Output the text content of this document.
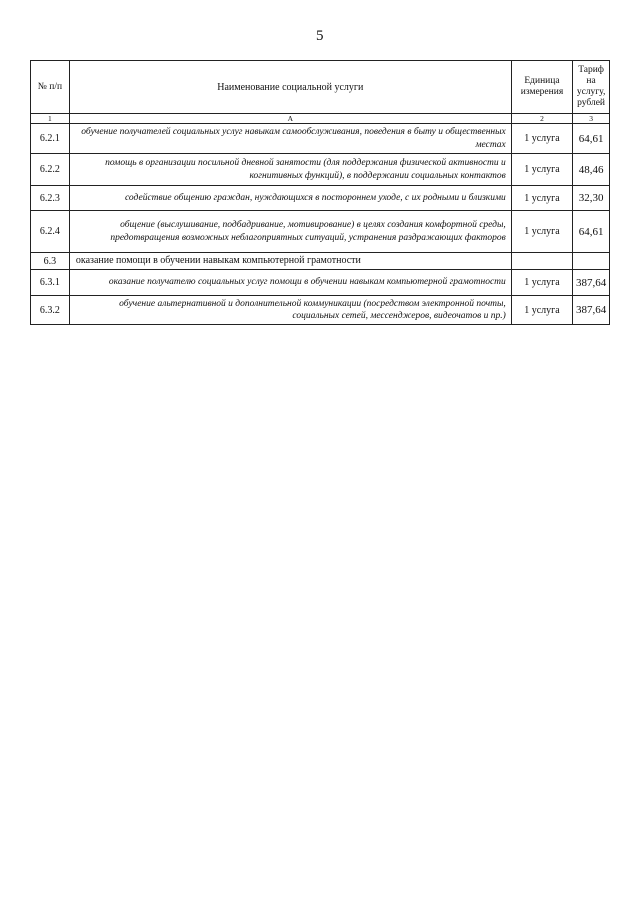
5
№ п/п	Наименование социальной услуги	Единица измерения	Тариф на услугу, рублей
1	А	2	3
6.2.1	обучение получателей социальных услуг навыкам самообслуживания, поведения в быту и общественных местах	1 услуга	64,61
6.2.2	помощь в организации посильной дневной занятости (для поддержания физической активности и когнитивных функций), в поддержании социальных контактов	1 услуга	48,46
6.2.3	содействие общению граждан, нуждающихся в постороннем уходе, с их родными и близкими	1 услуга	32,30
6.2.4	общение (выслушивание, подбадривание, мотивирование) в целях создания комфортной среды, предотвращения возможных неблагоприятных ситуаций, устранения раздражающих факторов	1 услуга	64,61
6.3	оказание помощи в обучении навыкам компьютерной грамотности		
6.3.1	оказание получателю социальных услуг помощи в обучении навыкам компьютерной грамотности	1 услуга	387,64
6.3.2	обучение альтернативной и дополнительной коммуникации (посредством электронной почты, социальных сетей, мессенджеров, видеочатов и пр.)	1 услуга	387,64
